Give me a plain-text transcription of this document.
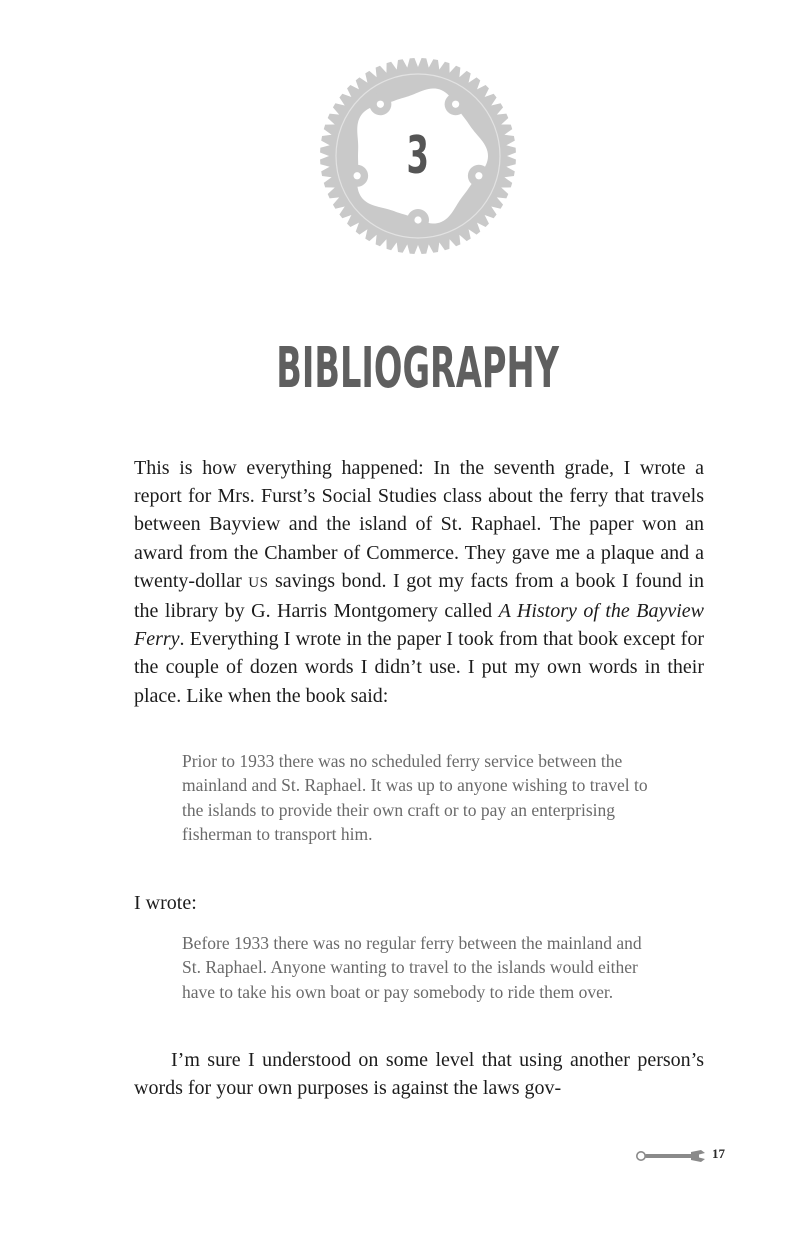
3
BIBLIOGRAPHY
This is how everything happened: In the seventh grade, I wrote a report for Mrs. Furst’s Social Studies class about the ferry that travels between Bayview and the island of St. Raphael. The paper won an award from the Chamber of Commerce. They gave me a plaque and a twenty-dollar US savings bond. I got my facts from a book I found in the library by G. Harris Montgomery called A History of the Bayview Ferry. Everything I wrote in the paper I took from that book except for the couple of dozen words I didn’t use. I put my own words in their place. Like when the book said:
Prior to 1933 there was no scheduled ferry service between the mainland and St. Raphael. It was up to anyone wishing to travel to the islands to provide their own craft or to pay an enterprising fisherman to transport him.
I wrote:
Before 1933 there was no regular ferry between the mainland and St. Raphael. Anyone wanting to travel to the islands would either have to take his own boat or pay somebody to ride them over.
I’m sure I understood on some level that using another person’s words for your own purposes is against the laws gov-
17
